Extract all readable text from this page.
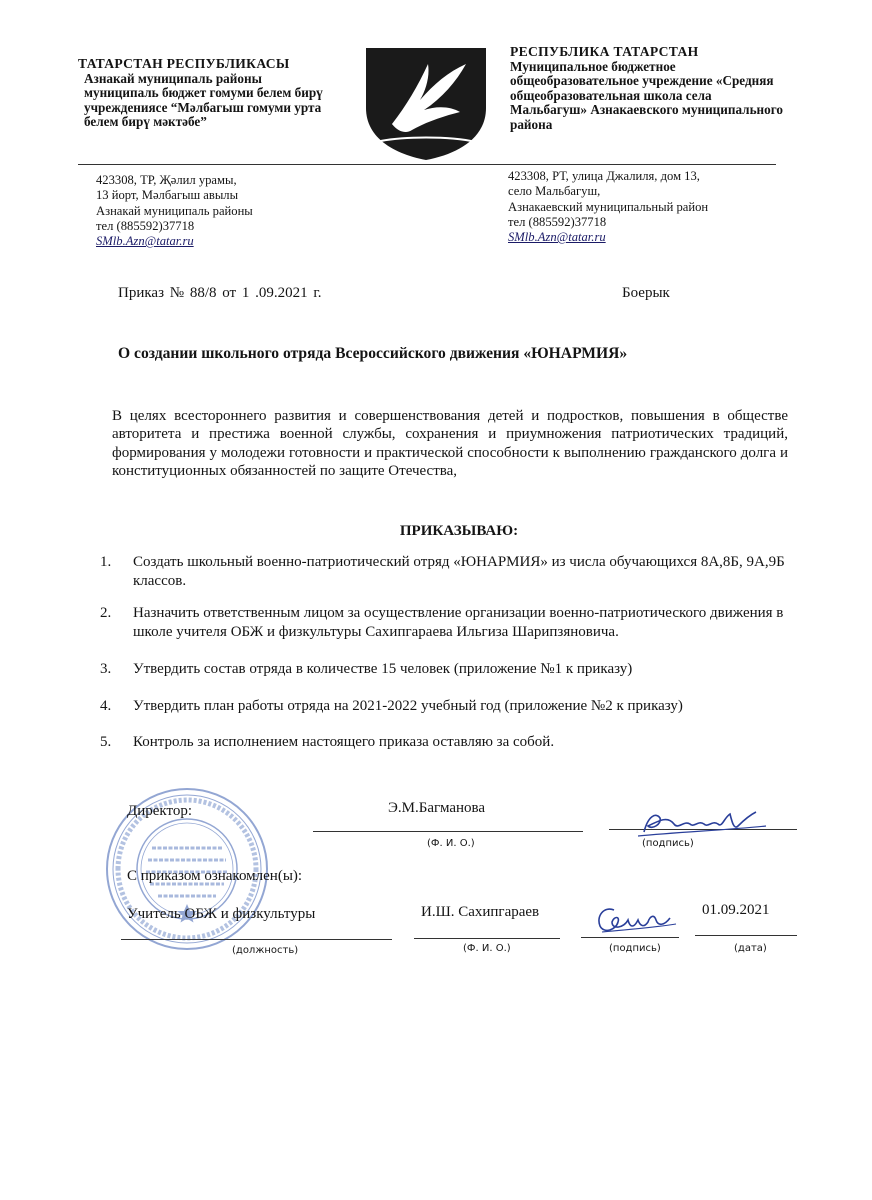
ТАТАРСТАН РЕСПУБЛИКАСЫ
Азнакай муниципаль районы
муниципаль бюджет гомуми белем бирү
учреждениясе “Мәлбагыш гомуми урта
белем бирү мәктәбе”
РЕСПУБЛИКА ТАТАРСТАН
Муниципальное бюджетное
общеобразовательное учреждение «Средняя
общеобразовательная школа села
Мальбагуш» Азнакаевского муниципального
района
423308, ТР, Җәлил урамы,
13 йорт, Мәлбагыш авылы
Азнакай муниципаль районы
тел (885592)37718
SMlb.Azn@tatar.ru
423308, РТ, улица Джалиля, дом 13,
село Мальбагуш,
Азнакаевский муниципальный район
тел (885592)37718
SMlb.Azn@tatar.ru
Приказ № 88/8 от 1 .09.2021 г.	Боерык
О создании школьного отряда Всероссийского движения «ЮНАРМИЯ»
В целях всестороннего развития и совершенствования детей и подростков, повышения в обществе авторитета и престижа военной службы, сохранения и приумножения патриотических традиций, формирования у молодежи готовности и практической способности к выполнению гражданского долга и конституционных обязанностей по защите Отечества,
ПРИКАЗЫВАЮ:
1. Создать школьный военно-патриотический отряд «ЮНАРМИЯ» из числа обучающихся 8А,8Б, 9А,9Б классов.
2. Назначить ответственным лицом за осуществление организации военно-патриотического движения в школе учителя ОБЖ и физкультуры Сахипгараева Ильгиза Шарипзяновича.
3. Утвердить состав отряда в количестве 15 человек (приложение №1 к приказу)
4. Утвердить план работы отряда на 2021-2022 учебный год (приложение №2 к приказу)
5. Контроль за исполнением настоящего приказа оставляю за собой.
Директор:	Э.М.Багманова
(Ф. И. О.)	(подпись)
С приказом ознакомлен(ы):
Учитель ОБЖ и физкультуры	И.Ш. Сахипгараев	01.09.2021
(должность)	(Ф. И. О.)	(подпись)	(дата)
